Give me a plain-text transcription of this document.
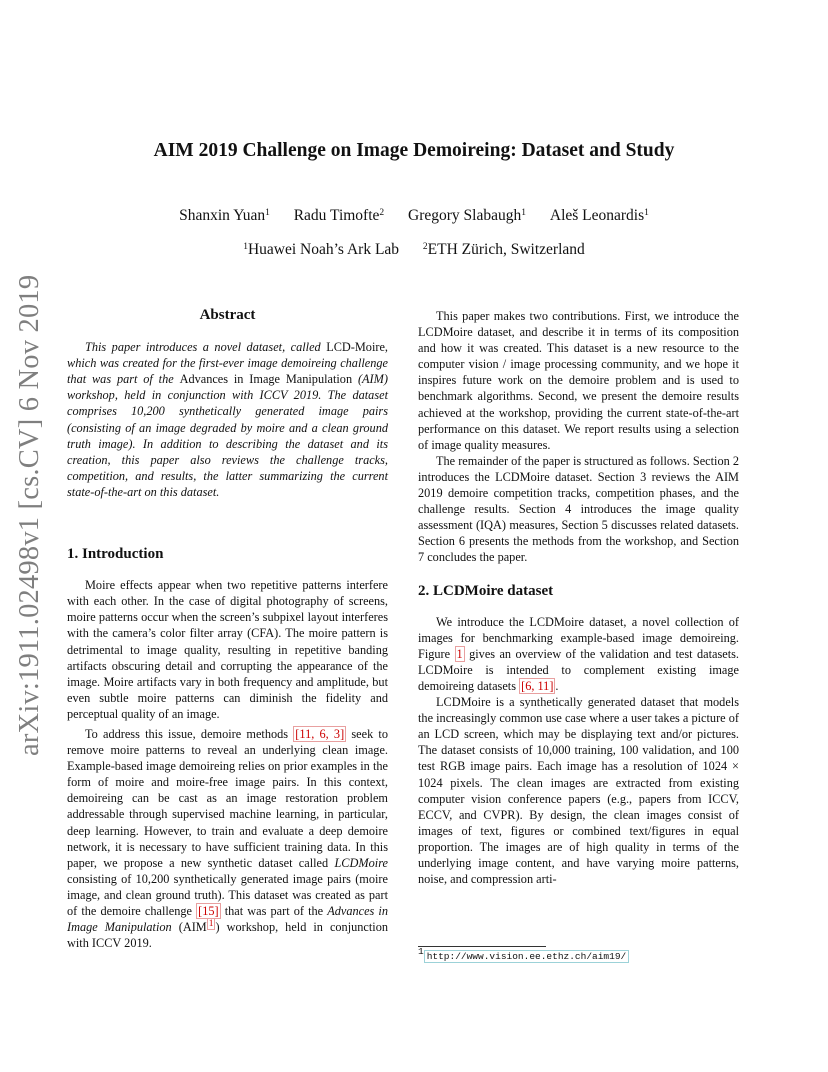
arXiv:1911.02498v1 [cs.CV] 6 Nov 2019
AIM 2019 Challenge on Image Demoireing: Dataset and Study
Shanxin Yuan$^1$ Radu Timofte$^2$ Gregory Slabaugh$^1$ Aleš Leonardis$^1$
$^1$Huawei Noah’s Ark Lab	$^2$ETH Zürich, Switzerland
Abstract

This paper introduces a novel dataset, called LCD-Moire, which was created for the first-ever image demoireing challenge that was part of the Advances in Image Manipulation (AIM) workshop, held in conjunction with ICCV 2019. The dataset comprises 10,200 synthetically generated image pairs (consisting of an image degraded by moire and a clean ground truth image). In addition to describing the dataset and its creation, this paper also reviews the challenge tracks, competition, and results, the latter summarizing the current state-of-the-art on this dataset.

1. Introduction

Moire effects appear when two repetitive patterns interfere with each other. In the case of digital photography of screens, moire patterns occur when the screen’s subpixel layout interferes with the camera’s color filter array (CFA). The moire pattern is detrimental to image quality, resulting in repetitive banding artifacts obscuring detail and corrupting the appearance of the image. Moire artifacts vary in both frequency and amplitude, but even subtle moire patterns can diminish the fidelity and perceptual quality of an image.

To address this issue, demoire methods [11, 6, 3] seek to remove moire patterns to reveal an underlying clean image. Example-based image demoireing relies on prior examples in the form of moire and moire-free image pairs. In this context, demoireing can be cast as an image restoration problem addressable through supervised machine learning, in particular, deep learning. However, to train and evaluate a deep demoire network, it is necessary to have sufficient training data. In this paper, we propose a new synthetic dataset called LCDMoire consisting of 10,200 synthetically generated image pairs (moire image, and clean ground truth). This dataset was created as part of the demoire challenge [15] that was part of the Advances in Image Manipulation (AIM $^1$ ) workshop, held in conjunction with ICCV 2019.

This paper makes two contributions. First, we introduce the LCDMoire dataset, and describe it in terms of its composition and how it was created. This dataset is a new resource to the computer vision / image processing community, and we hope it inspires future work on the demoire problem and is used to benchmark algorithms. Second, we present the demoire results achieved at the workshop, providing the current state-of-the-art performance on this dataset. We report results using a selection of image quality measures.

The remainder of the paper is structured as follows. Section 2 introduces the LCDMoire dataset. Section 3 reviews the AIM 2019 demoire competition tracks, competition phases, and the challenge results. Section 4 introduces the image quality assessment (IQA) measures, Section 5 discusses related datasets. Section 6 presents the methods from the workshop, and Section 7 concludes the paper.

2. LCDMoire dataset

We introduce the LCDMoire dataset, a novel collection of images for benchmarking example-based image demoireing. Figure 1 gives an overview of the validation and test datasets. LCDMoire is intended to complement existing image demoireing datasets [6, 11] .

LCDMoire is a synthetically generated dataset that models the increasingly common use case where a user takes a picture of an LCD screen, which may be displaying text and/or pictures. The dataset consists of 10,000 training, 100 validation, and 100 test RGB image pairs. Each image has a resolution of 1024 × 1024 pixels. The clean images are extracted from existing computer vision conference papers (e.g., papers from ICCV, ECCV, and CVPR). By design, the clean images consist of images of text, figures or combined text/figures in equal proportion. The images are of high quality in terms of the underlying image content, and have varying moire patterns, noise, and compression arti-

$^1$ http://www.vision.ee.ethz.ch/aim19/
